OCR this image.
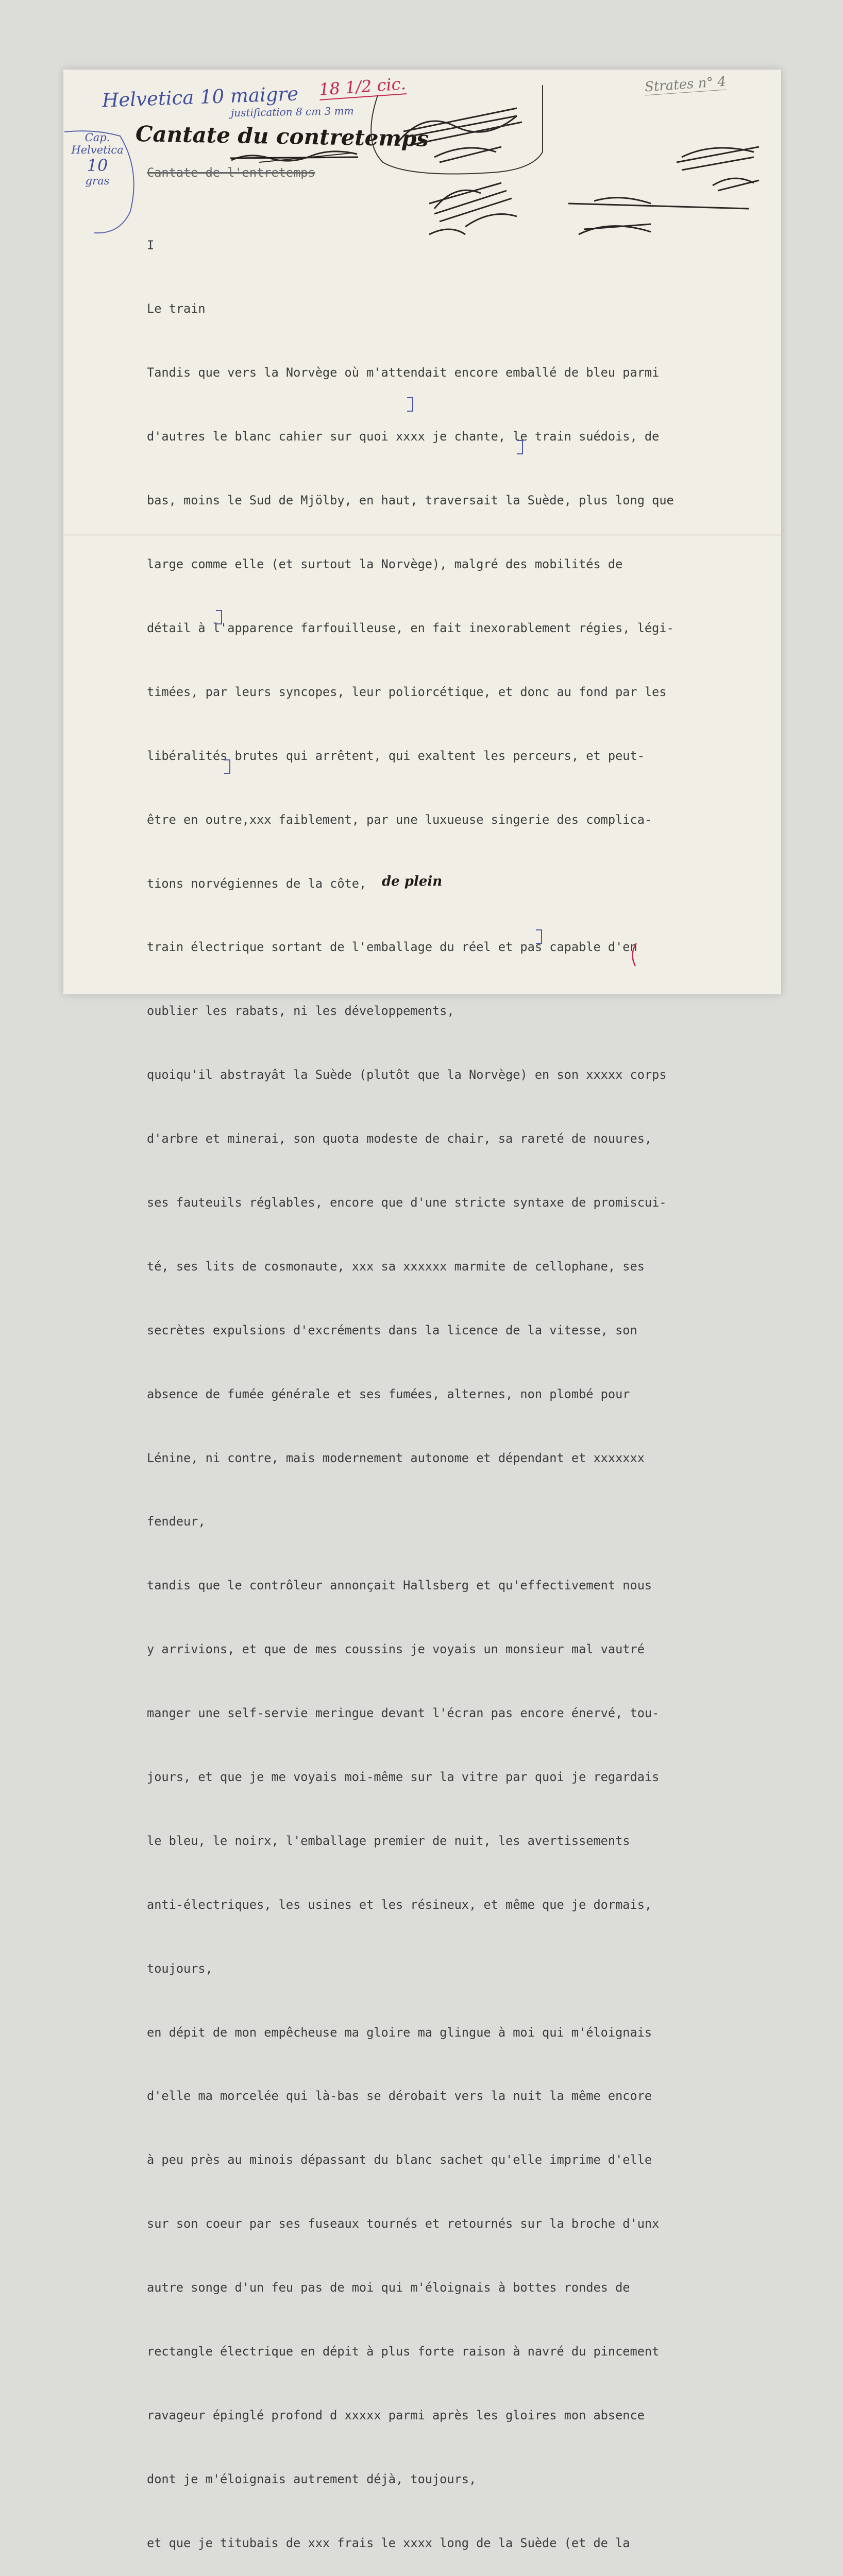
Helvetica 10 maigre
justification 8 cm 3 mm
18 1/2 cic.	Strates n° 4
Cap.
Helvetica
10
gras
Cantate du contretemps
Cantate de l'entretemps

I

Le train

Tandis que vers la Norvège où m'attendait encore emballé de bleu parmi

d'autres le blanc cahier sur quoi xxxx je chante, le train suédois, de

bas, moins le Sud de Mjölby, en haut, traversait la Suède, plus long que

large comme elle (et surtout la Norvège), malgré des mobilités de

détail à l'apparence farfouilleuse, en fait inexorablement régies, légi-

timées, par leurs syncopes, leur poliorcétique, et donc au fond par les

libéralités brutes qui arrêtent, qui exaltent les perceurs, et peut-

être en outre,xxx faiblement, par une luxueuse singerie des complica-

tions norvégiennes de la côte,

train électrique sortant de l'emballage du réel et pas capable d'en

oublier les rabats, ni les développements,

quoiqu'il abstrayât la Suède (plutôt que la Norvège) en son xxxxx corps

d'arbre et minerai, son quota modeste de chair, sa rareté de nouures,

ses fauteuils réglables, encore que d'une stricte syntaxe de promiscui-

té, ses lits de cosmonaute, xxx sa xxxxxx marmite de cellophane, ses

secrètes expulsions d'excréments dans la licence de la vitesse, son

absence de fumée générale et ses fumées, alternes, non plombé pour

Lénine, ni contre, mais modernement autonome et dépendant et xxxxxxx

fendeur,

tandis que le contrôleur annonçait Hallsberg et qu'effectivement nous

y arrivions, et que de mes coussins je voyais un monsieur mal vautré

manger une self-servie meringue devant l'écran pas encore énervé, tou-

jours, et que je me voyais moi-même sur la vitre par quoi je regardais

le bleu, le noirx, l'emballage premier de nuit, les avertissements

anti-électriques, les usines et les résineux, et même que je dormais,

toujours,

en dépit de mon empêcheuse ma gloire ma glingue à moi qui m'éloignais

d'elle ma morcelée qui là-bas se dérobait vers la nuit la même encore

à peu près au minois dépassant du blanc sachet qu'elle imprime d'elle

sur son coeur par ses fuseaux tournés et retournés sur la broche d'unx

autre songe d'un feu pas de moi qui m'éloignais à bottes rondes de

rectangle électrique en dépit à plus forte raison à navré du pincement

ravageur épinglé profond d xxxxx parmi après les gloires mon absence

dont je m'éloignais autrement déjà, toujours,

et que je titubais de xxx frais le xxxx long de la Suède (et de la

de plein
